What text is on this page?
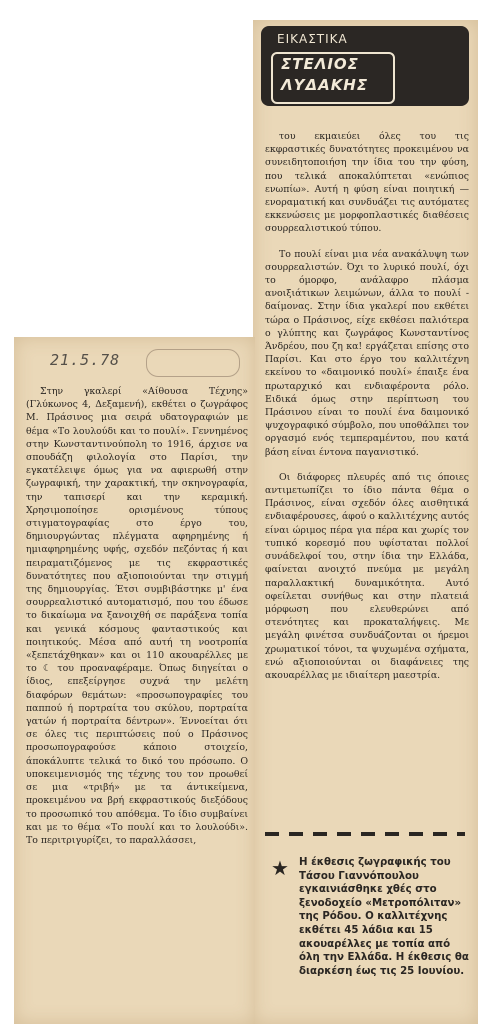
ΕΙΚΑΣΤΙΚΑ
ΣΤΕΛΙΟΣ
ΛΥΔΑΚΗΣ

του εκμαιεύει όλες του τις εκφραστικές δυνατότητες προκειμένου να συνειδητοποιήση την ίδια του την φύση, που τελικά αποκαλύπτεται «ενώπιος ενωπίω». Αυτή η φύση είναι ποιητική — ενοραματική και συνδυάζει τις αυτόματες εκκενώσεις με μορφοπλαστικές διαθέσεις σουρρεαλιστικού τύπου.

Το πουλί είναι μια νέα ανακάλυψη των σουρρεαλιστών. Όχι το λυρικό πουλί, όχι το όμορφο, ανάλαφρο πλάσμα ανοιξιάτικων λειμώνων, άλλα το πουλί - δαίμονας. Στην ίδια γκαλερί που εκθέτει τώρα ο Πράσινος, είχε εκθέσει παλιότερα ο γλύπτης και ζωγράφος Κωνσταντίνος Άνδρέου, που ζη κα! εργάζεται επίσης στο Παρίσι. Και στο έργο του καλλιτέχνη εκείνου το «δαιμονικό πουλί» έπαιξε ένα πρωταρχικό και ενδιαφέροντα ρόλο. Ειδικά όμως στην περίπτωση του Πράσινου είναι το πουλί ένα δαιμονικό ψυχογραφικό σύμβολο, που υποθάλπει τον οργασμό ενός τεμπεραμέντου, που κατά βάση είναι έντονα παγανιστικό.

Οι διάφορες πλευρές από τις όποιες αντιμετωπίζει το ίδιο πάντα θέμα ο Πράσινος, είναι σχεδόν όλες αισθητικά ενδιαφέρουσες, άφού ο καλλιτέχνης αυτός είναι ώριμος πέρα για πέρα και χωρίς τον τυπικό κορεσμό που υφίσταται πολλοί συνάδελφοί του, στην ίδια την Ελλάδα, φαίνεται ανοιχτό πνεύμα με μεγάλη παραλλακτική δυναμικότητα. Αυτό οφείλεται συνήθως και στην πλατειά μόρφωση που ελευθερώνει από στενότητες και προκαταλήψεις. Με μεγάλη φινέτσα συνδυάζονται οι ήρεμοι χρωματικοί τόνοι, τα ψυχωμένα σχήματα, ενώ αξιοποιούνται οι διαφάνειες της ακουαρέλλας με ιδιαίτερη μαεστρία.

★ Η έκθεσις ζωγραφικής του Τάσου Γιαννόπουλου εγκαινιάσθηκε χθές στο ξενοδοχείο «Μετροπόλιταν» της Ρόδου. Ο καλλιτέχνης εκθέτει 45 λάδια και 15 ακουαρέλλες με τοπία από όλη την Ελλάδα. Η έκθεσις θα διαρκέση έως τις 25 Ιουνίου.
21.5.78

Στην γκαλερί «Αίθουσα Τέχνης» (Γλύκωνος 4, Δεξαμενή), εκθέτει ο ζωγράφος Μ. Πράσινος μια σειρά υδατογραφιών με θέμα «Το λουλούδι και το πουλί». Γεννημένος στην Κωνσταντινούπολη το 1916, άρχισε να σπουδάζη φιλολογία στο Παρίσι, την εγκατέλειψε όμως για να αφιερωθή στην ζωγραφική, την χαρακτική, την σκηνογραφία, την ταπισερί και την κεραμική. Χρησιμοποίησε ορισμένους τύπους στιγματογραφίας στο έργο του, δημιουργώντας πλέγματα αφηρημένης ή ημιαφηρημένης υφής, σχεδόν πεζόντας ή και πειραματιζόμενος με τις εκφραστικές δυνατότητες που αξιοποιούνται την στιγμή της δημιουργίας. Έτσι συμβιβάστηκε μ' ένα σουρρεαλιστικό αυτοματισμό, που του έδωσε το δικαίωμα να ξανοιχθή σε παράξενα τοπία και γενικά κόσμους φανταστικούς και ποιητικούς. Μέσα από αυτή τη νοοτροπία «ξεπετάχθηκαν» και οι 110 ακουαρέλλες με το ☾ του προαναφέραμε. Όπως διηγείται ο ίδιος, επεξείργησε συχνά την μελέτη διαφόρων θεμάτων: «προσωπογραφίες του παππού ή πορτραίτα του σκύλου, πορτραίτα γατών ή πορτραίτα δέντρων». Έννοείται ότι σε όλες τις περιπτώσεις πού ο Πράσινος προσωπογραφούσε κάποιο στοιχείο, άποκάλυπτε τελικά το δικό του πρόσωπο. Ο υποκειμενισμός της τέχνης του τον προωθεί σε μια «τριβή» με τα άντικείμενα, προκειμένου να βρή εκφραστικούς διεξόδους το προσωπικό του απόθεμα. Το ίδιο συμβαίνει και με το θέμα «Το πουλί και το λουλούδι». Το περιτριγυρίζει, το παραλλάσσει,
